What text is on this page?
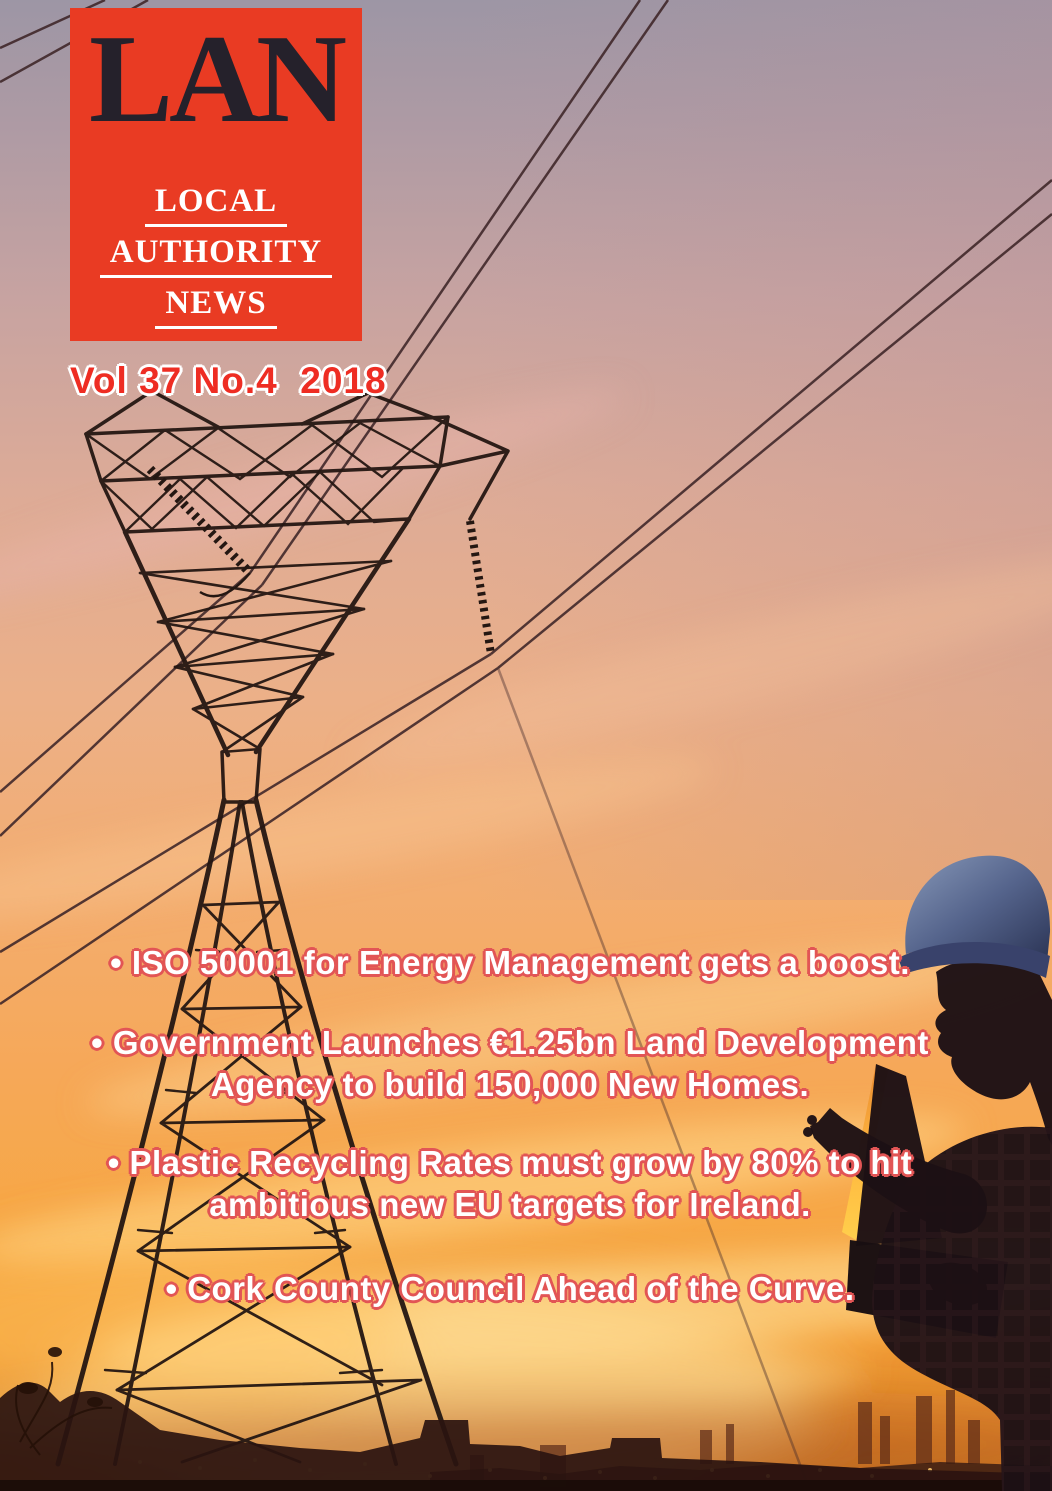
LAN
LOCAL
AUTHORITY
NEWS
Vol 37 No.4  2018
• ISO 50001 for Energy Management gets a boost.
• Government Launches €1.25bn Land Development
Agency to build 150,000 New Homes.
• Plastic Recycling Rates must grow by 80% to hit
ambitious new EU targets for Ireland.
• Cork County Council Ahead of the Curve.
